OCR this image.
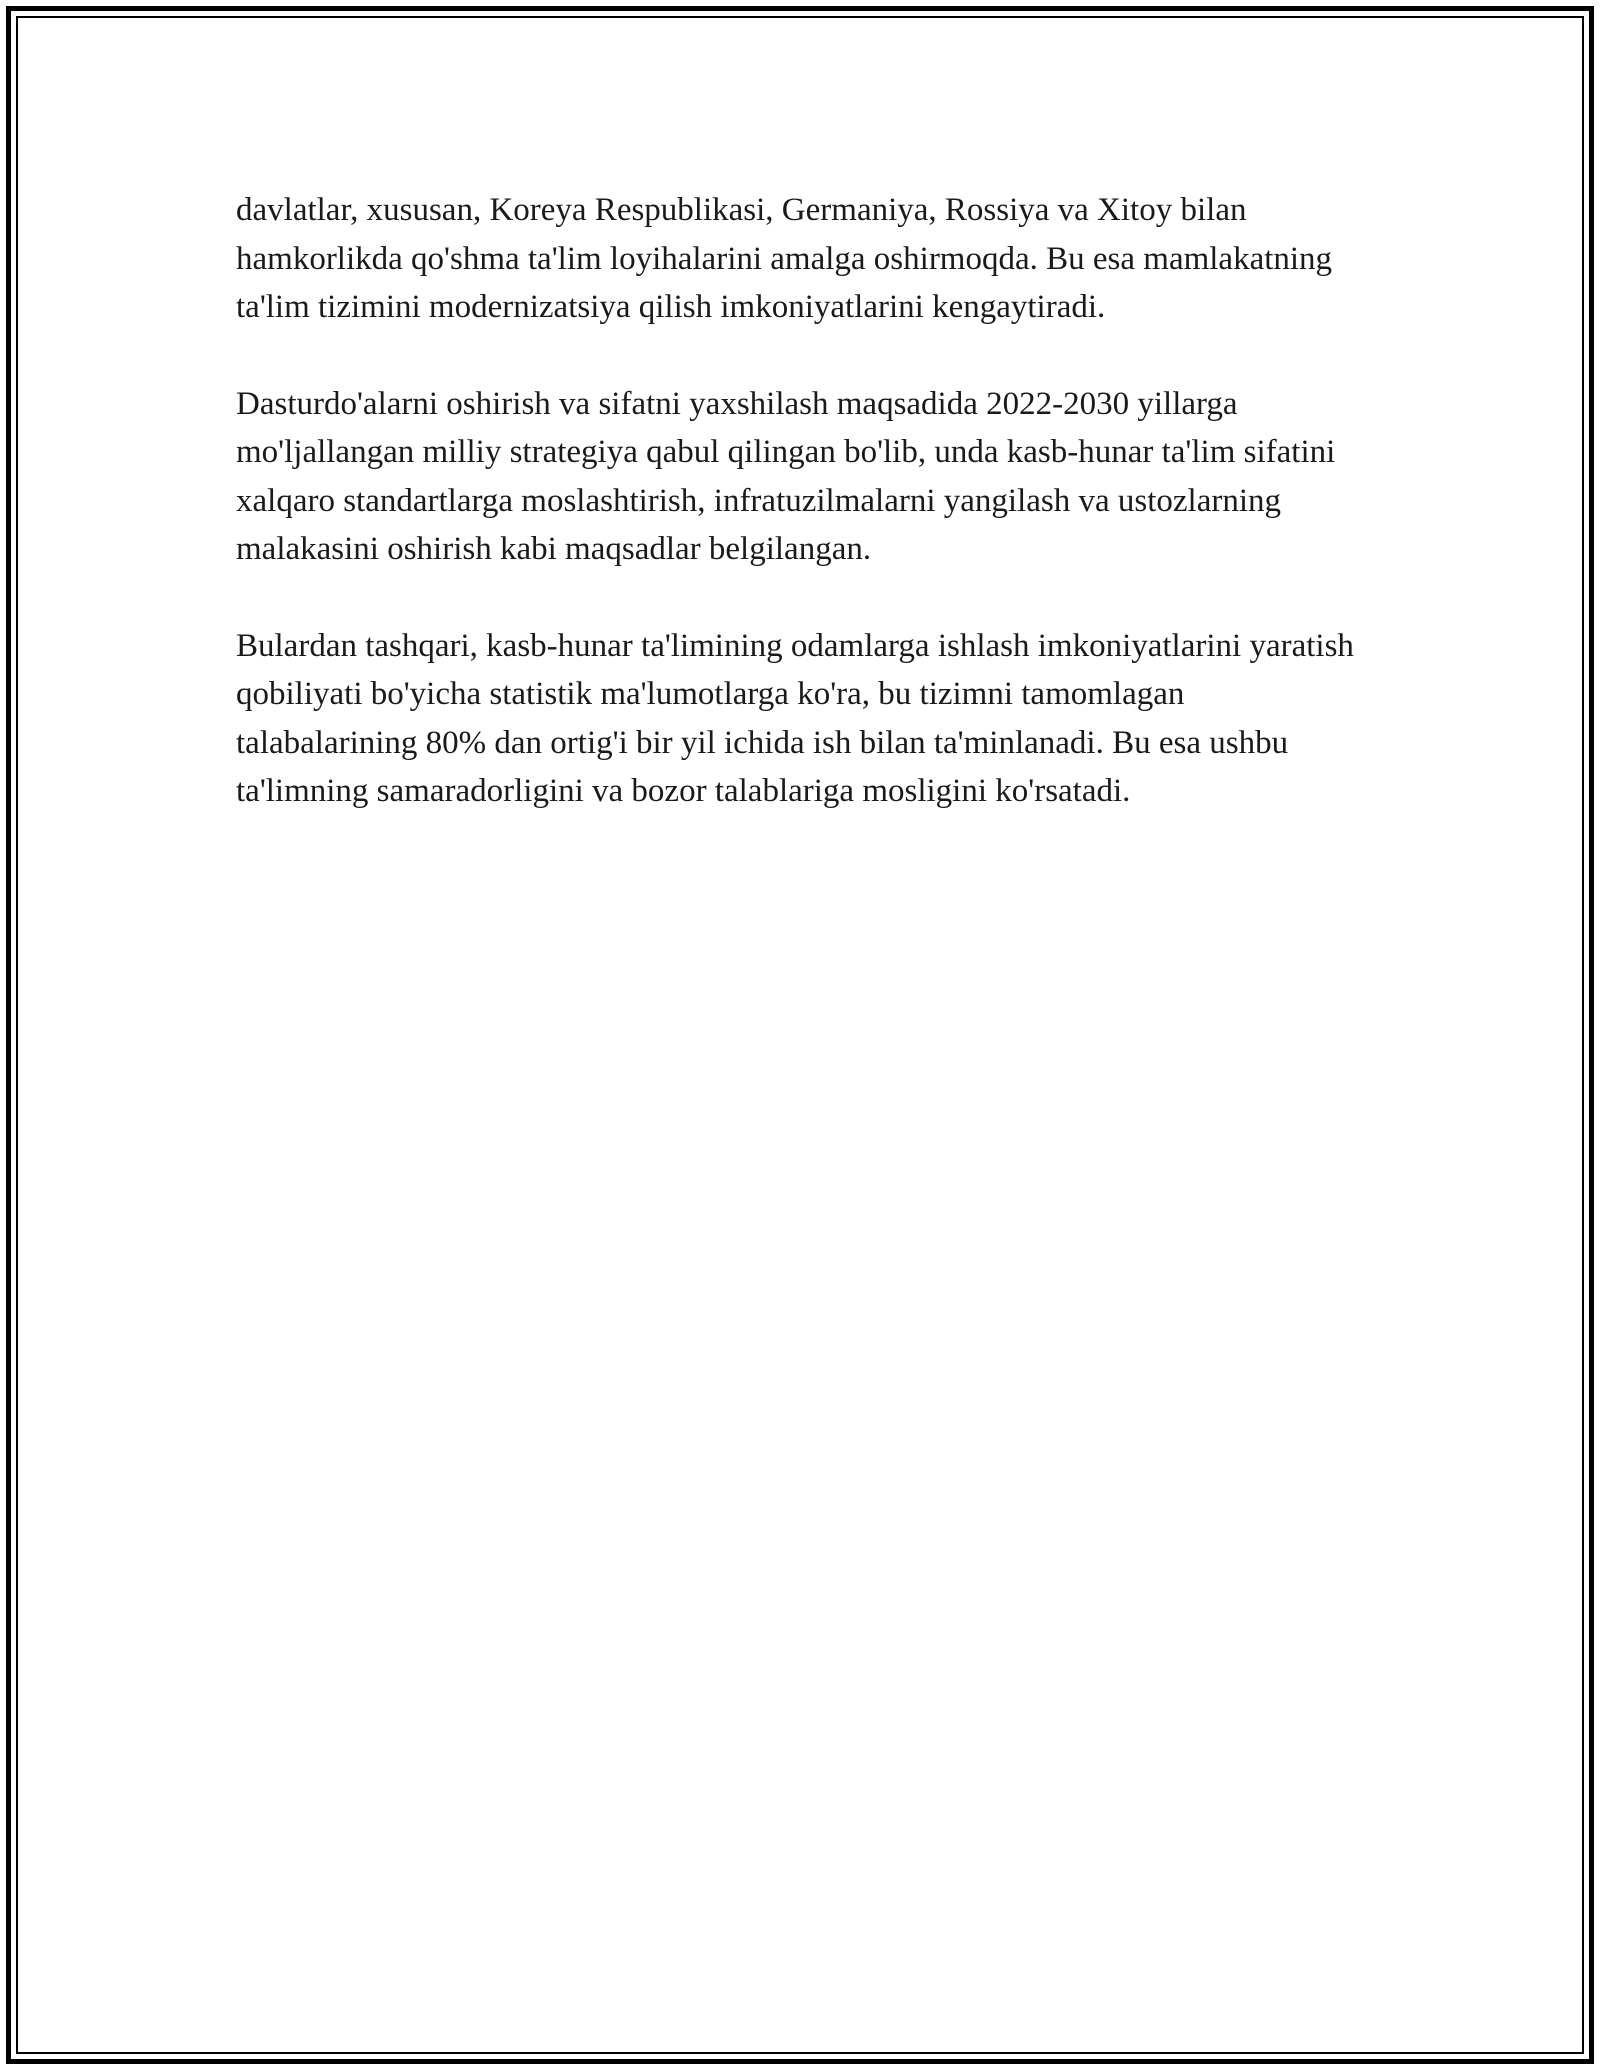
davlatlar, xususan, Koreya Respublikasi, Germaniya, Rossiya va Xitoy bilan hamkorlikda qo'shma ta'lim loyihalarini amalga oshirmoqda. Bu esa mamlakatning ta'lim tizimini modernizatsiya qilish imkoniyatlarini kengaytiradi.

Dasturdo'alarni oshirish va sifatni yaxshilash maqsadida 2022-2030 yillarga mo'ljallangan milliy strategiya qabul qilingan bo'lib, unda kasb-hunar ta'lim sifatini xalqaro standartlarga moslashtirish, infratuzilmalarni yangilash va ustozlarning malakasini oshirish kabi maqsadlar belgilangan.

Bulardan tashqari, kasb-hunar ta'limining odamlarga ishlash imkoniyatlarini yaratish qobiliyati bo'yicha statistik ma'lumotlarga ko'ra, bu tizimni tamomlagan talabalarining 80% dan ortig'i bir yil ichida ish bilan ta'minlanadi. Bu esa ushbu ta'limning samaradorligini va bozor talablariga mosligini ko'rsatadi.
